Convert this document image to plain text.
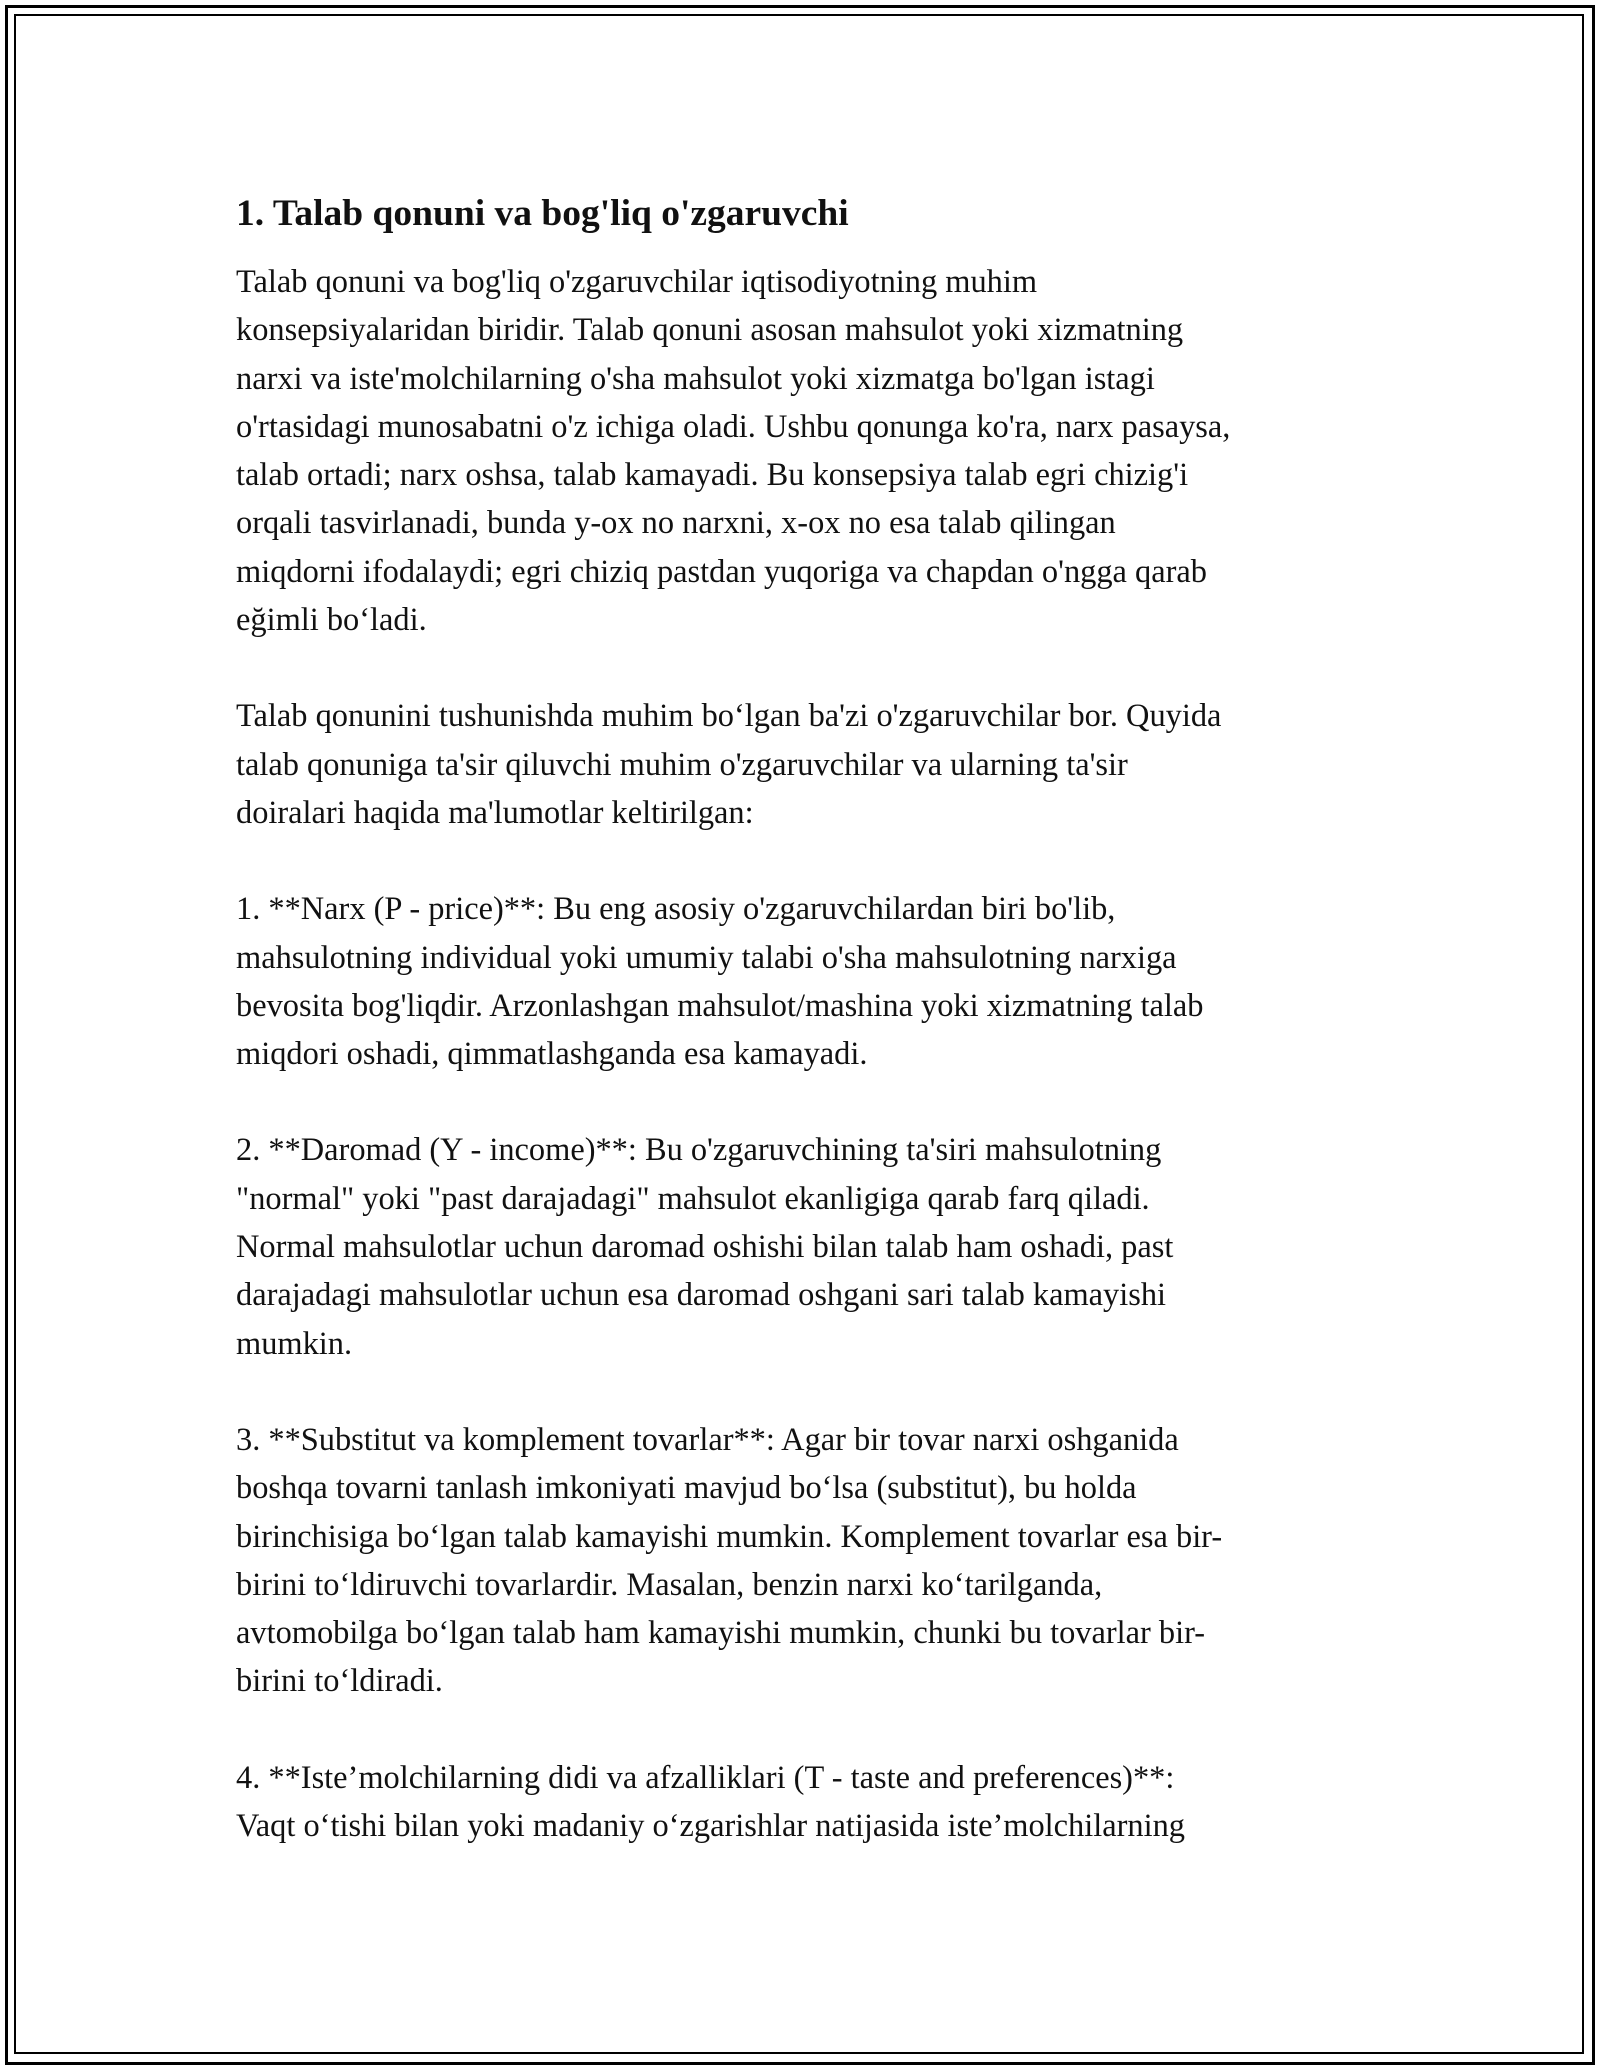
1. Talab qonuni va bog'liq o'zgaruvchi

Talab qonuni va bog'liq o'zgaruvchilar iqtisodiyotning muhim
konsepsiyalaridan biridir. Talab qonuni asosan mahsulot yoki xizmatning
narxi va iste'molchilarning o'sha mahsulot yoki xizmatga bo'lgan istagi
o'rtasidagi munosabatni o'z ichiga oladi. Ushbu qonunga ko'ra, narx pasaysa,
talab ortadi; narx oshsa, talab kamayadi. Bu konsepsiya talab egri chizig'i
orqali tasvirlanadi, bunda y-ox no narxni, x-ox no esa talab qilingan
miqdorni ifodalaydi; egri chiziq pastdan yuqoriga va chapdan o'ngga qarab
eğimli bo‘ladi.

Talab qonunini tushunishda muhim bo‘lgan ba'zi o'zgaruvchilar bor. Quyida
talab qonuniga ta'sir qiluvchi muhim o'zgaruvchilar va ularning ta'sir
doiralari haqida ma'lumotlar keltirilgan:

1. **Narx (P - price)**: Bu eng asosiy o'zgaruvchilardan biri bo'lib,
mahsulotning individual yoki umumiy talabi o'sha mahsulotning narxiga
bevosita bog'liqdir. Arzonlashgan mahsulot/mashina yoki xizmatning talab
miqdori oshadi, qimmatlashganda esa kamayadi.

2. **Daromad (Y - income)**: Bu o'zgaruvchining ta'siri mahsulotning
"normal" yoki "past darajadagi" mahsulot ekanligiga qarab farq qiladi.
Normal mahsulotlar uchun daromad oshishi bilan talab ham oshadi, past
darajadagi mahsulotlar uchun esa daromad oshgani sari talab kamayishi
mumkin.

3. **Substitut va komplement tovarlar**: Agar bir tovar narxi oshganida
boshqa tovarni tanlash imkoniyati mavjud bo‘lsa (substitut), bu holda
birinchisiga bo‘lgan talab kamayishi mumkin. Komplement tovarlar esa bir-
birini to‘ldiruvchi tovarlardir. Masalan, benzin narxi ko‘tarilganda,
avtomobilga bo‘lgan talab ham kamayishi mumkin, chunki bu tovarlar bir-
birini to‘ldiradi.

4. **Iste’molchilarning didi va afzalliklari (T - taste and preferences)**:
Vaqt o‘tishi bilan yoki madaniy o‘zgarishlar natijasida iste’molchilarning
